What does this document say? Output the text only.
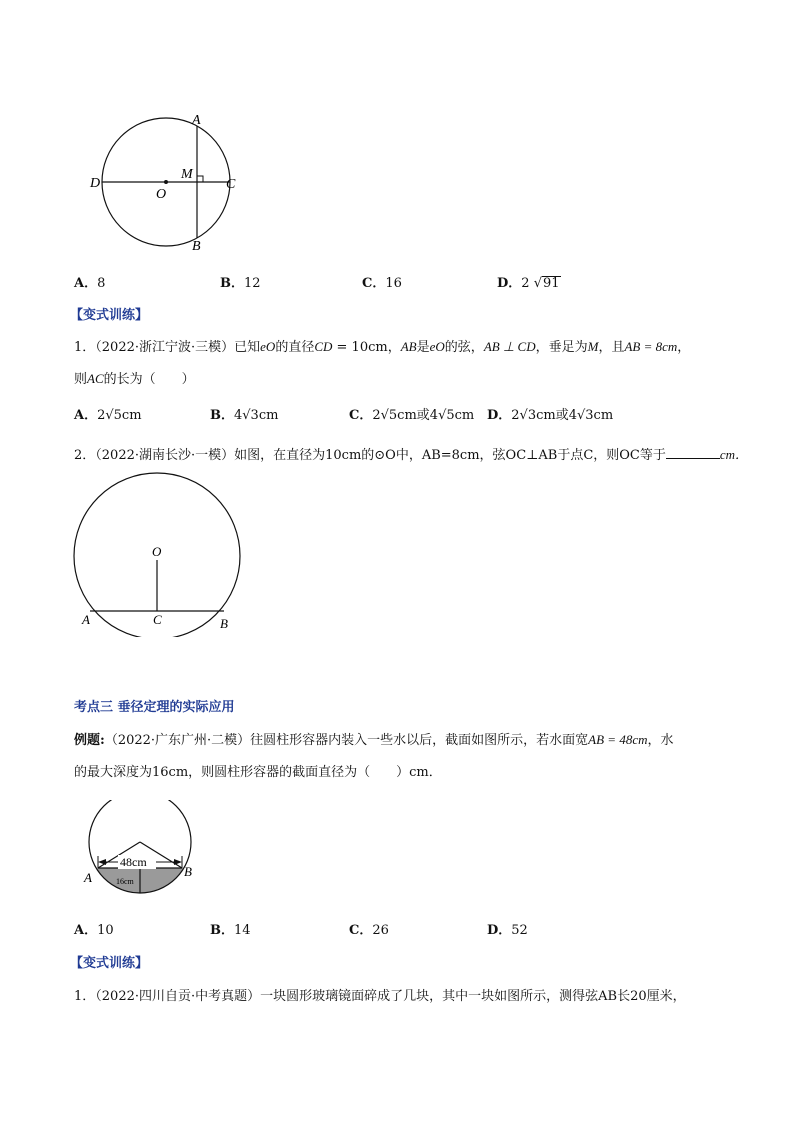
A
B
D	C
O
M
A．8	B．12	C．16	D．2 √91
【变式训练】
1．（2022·浙江宁波·三模）已知eO的直径CD = 10cm，AB是eO的弦，AB ⊥ CD，垂足为M，且AB = 8cm，
则AC的长为（　　）
A．2√5cm	B．4√3cm	C．2√5cm或4√5cm D．2√3cm或4√3cm
2．（2022·湖南长沙·一模）如图，在直径为10cm的⊙O中，AB=8cm，弦OC⊥AB于点C，则OC等于	cm．
O
A	C	B
考点三 垂径定理的实际应用
例题:（2022·广东广州·二模）往圆柱形容器内装入一些水以后，截面如图所示，若水面宽AB = 48cm，水
的最大深度为16cm，则圆柱形容器的截面直径为（　　）cm．
48cm
16cm
A	B
A．10	B．14	C．26	D．52
【变式训练】
1．（2022·四川自贡·中考真题）一块圆形玻璃镜面碎成了几块，其中一块如图所示，测得弦AB长20厘米，
